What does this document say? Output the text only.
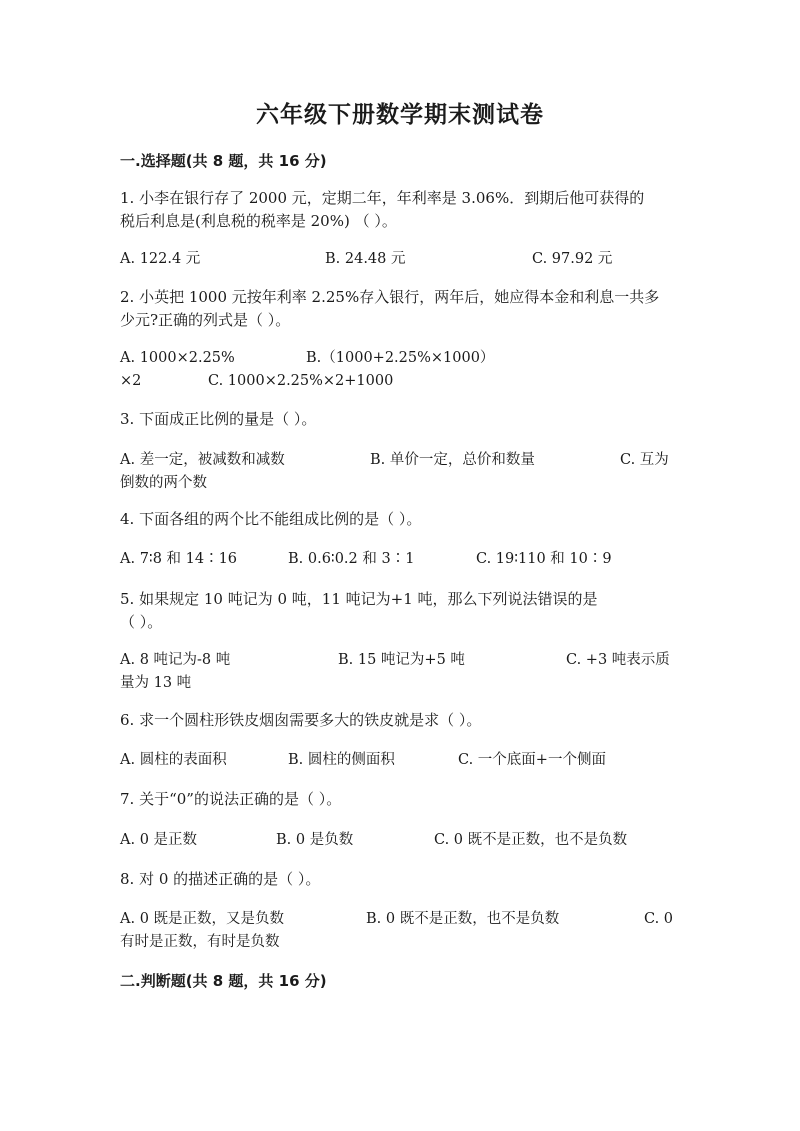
六年级下册数学期末测试卷
一.选择题(共 8 题，共 16 分)
1. 小李在银行存了 2000 元，定期二年，年利率是 3.06%．到期后他可获得的
税后利息是(利息税的税率是 20%) （ ）。
A. 122.4 元	B. 24.48 元	C. 97.92 元
2. 小英把 1000 元按年利率 2.25%存入银行，两年后，她应得本金和利息一共多
少元?正确的列式是（ ）。
A. 1000×2.25%	B.（1000+2.25%×1000）
×2	C. 1000×2.25%×2+1000
3. 下面成正比例的量是（ ）。
A. 差一定，被减数和减数	B. 单价一定，总价和数量	C. 互为
倒数的两个数
4. 下面各组的两个比不能组成比例的是（ ）。
A. 7∶8 和 14∶16	B. 0.6∶0.2 和 3∶1	C. 19∶110 和 10∶9
5. 如果规定 10 吨记为 0 吨，11 吨记为+1 吨，那么下列说法错误的是
（ ）。
A. 8 吨记为-8 吨	B. 15 吨记为+5 吨	C. +3 吨表示质
量为 13 吨
6. 求一个圆柱形铁皮烟囱需要多大的铁皮就是求（ ）。
A. 圆柱的表面积	B. 圆柱的侧面积	C. 一个底面+一个侧面
7. 关于“0”的说法正确的是（ ）。
A. 0 是正数	B. 0 是负数	C. 0 既不是正数，也不是负数
8. 对 0 的描述正确的是（ ）。
A. 0 既是正数，又是负数	B. 0 既不是正数，也不是负数	C. 0
有时是正数，有时是负数
二.判断题(共 8 题，共 16 分)
